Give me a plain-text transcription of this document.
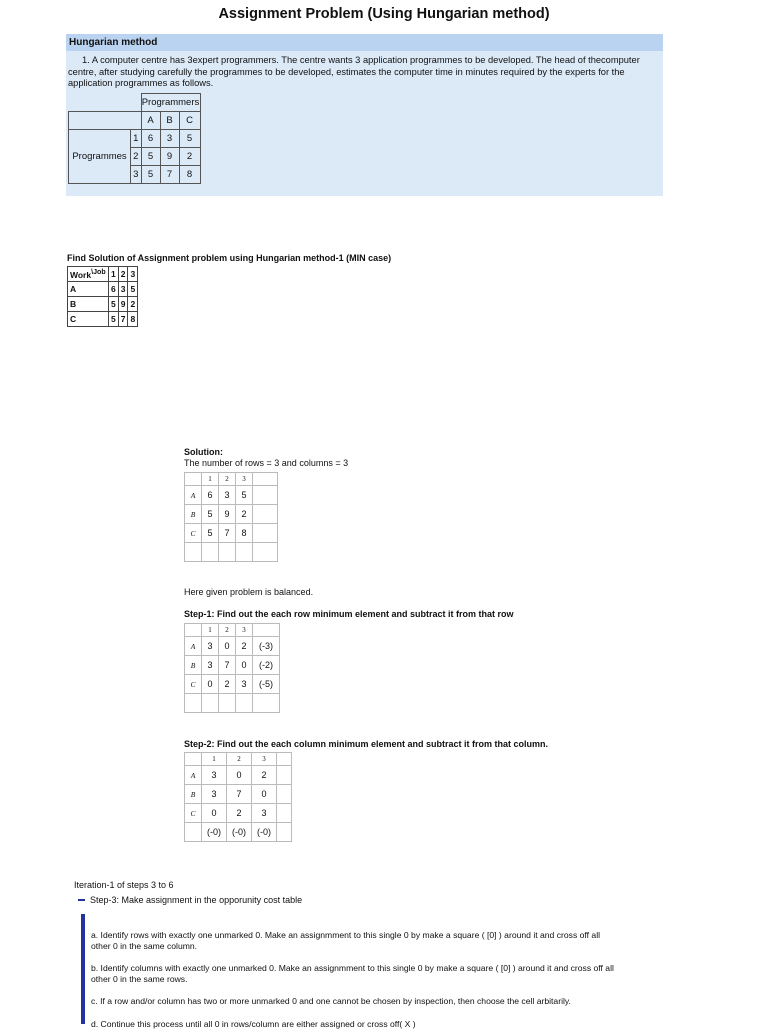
Assignment Problem (Using Hungarian method)
Hungarian method
1. A computer centre has 3expert programmers. The centre wants 3 application programmes to be developed. The head of thecomputer
centre, after studying carefully the programmes to be developed, estimates the computer time in minutes required by the experts for the
application programmes as follows.
		Programmers		
		A	B	C
Programmes	1	6	3	5
	2	5	9	2
	3	5	7	8
Find Solution of Assignment problem using Hungarian method-1 (MIN case)
Work$^{\backslash Job}$	1	2	3
A	6	3	5
B	5	9	2
C	5	7	8
Solution:
The number of rows = 3 and columns = 3
	1	2	3	
A	6	3	5	
B	5	9	2	
C	5	7	8	

Here given problem is balanced.
Step-1: Find out the each row minimum element and subtract it from that row
	1	2	3	
A	3	0	2	(-3)
B	3	7	0	(-2)
C	0	2	3	(-5)

Step-2: Find out the each column minimum element and subtract it from that column.
	1	2	3	
A	3	0	2	
B	3	7	0	
C	0	2	3	
	(-0)	(-0)	(-0)	
Iteration-1 of steps 3 to 6
Step-3: Make assignment in the opporunity cost table
a. Identify rows with exactly one unmarked 0. Make an assignmment to this single 0 by make a square ( [0] ) around it and cross off all
other 0 in the same column.
b. Identify columns with exactly one unmarked 0. Make an assignmment to this single 0 by make a square ( [0] ) around it and cross off all
other 0 in the same rows.
c. If a row and/or column has two or more unmarked 0 and one cannot be chosen by inspection, then choose the cell arbitarily.
d. Continue this process until all 0 in rows/column are either assigned or cross off( X )
